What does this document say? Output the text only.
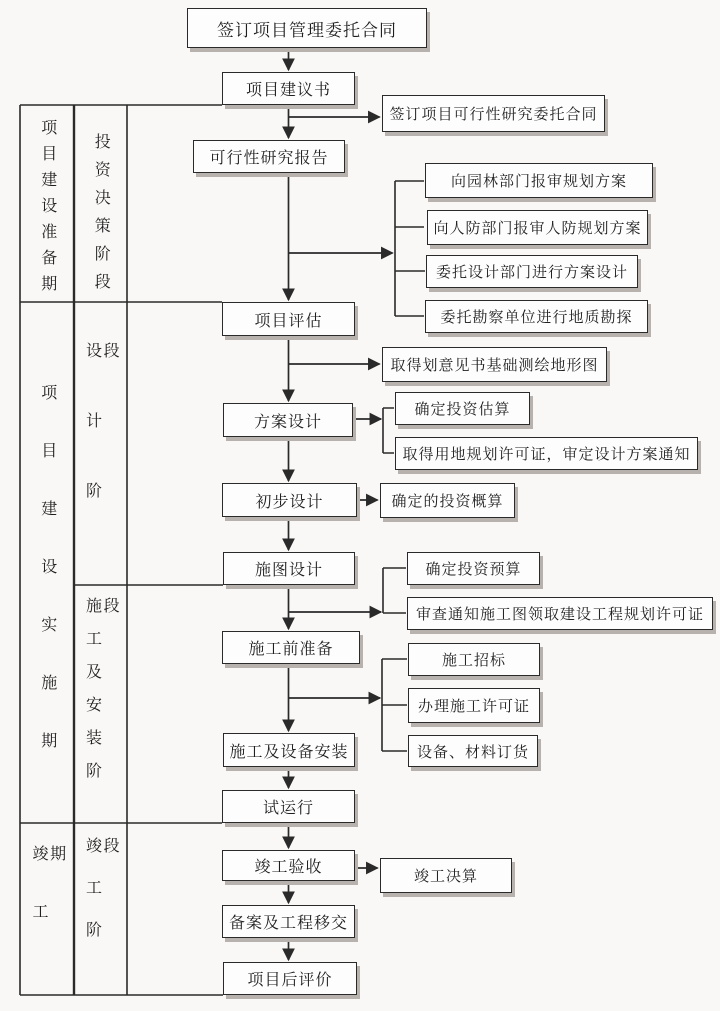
项目建设准备期 投资决策阶段
项目建设实施期 设计阶段
施工及安装阶段
竣工期 竣工阶段
签订项目管理委托合同
项目建议书
可行性研究报告
项目评估
方案设计
初步设计
施图设计
施工前准备
施工及设备安装
试运行
竣工验收
备案及工程移交
项目后评价
签订项目可行性研究委托合同
向园林部门报审规划方案
向人防部门报审人防规划方案
委托设计部门进行方案设计
委托勘察单位进行地质勘探
取得划意见书基础测绘地形图
确定投资估算
取得用地规划许可证，审定设计方案通知
确定的投资概算
确定投资预算
审查通知施工图领取建设工程规划许可证
施工招标
办理施工许可证
设备、材料订货
竣工决算
